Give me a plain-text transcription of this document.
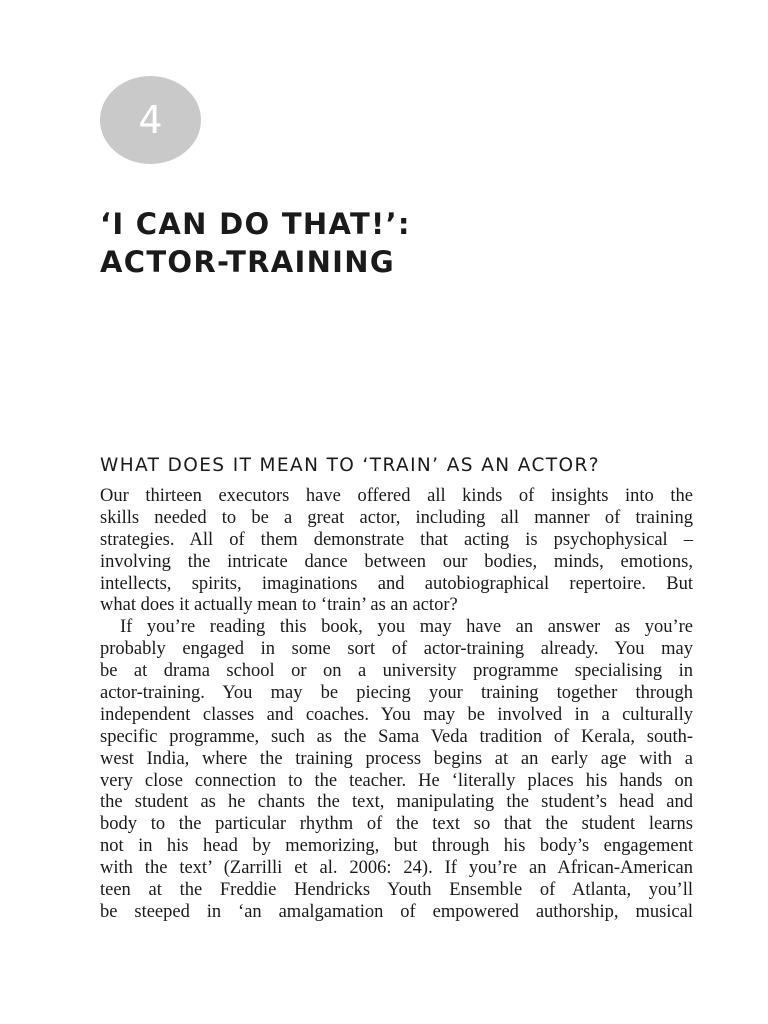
4
‘I CAN DO THAT!’:
ACTOR-TRAINING
WHAT DOES IT MEAN TO ‘TRAIN’ AS AN ACTOR?
Our thirteen executors have offered all kinds of insights into the
skills needed to be a great actor, including all manner of training
strategies. All of them demonstrate that acting is psychophysical –
involving the intricate dance between our bodies, minds, emotions,
intellects, spirits, imaginations and autobiographical repertoire. But
what does it actually mean to ‘train’ as an actor?
If you’re reading this book, you may have an answer as you’re
probably engaged in some sort of actor-training already. You may
be at drama school or on a university programme specialising in
actor-training. You may be piecing your training together through
independent classes and coaches. You may be involved in a culturally
specific programme, such as the Sama Veda tradition of Kerala, south-
west India, where the training process begins at an early age with a
very close connection to the teacher. He ‘literally places his hands on
the student as he chants the text, manipulating the student’s head and
body to the particular rhythm of the text so that the student learns
not in his head by memorizing, but through his body’s engagement
with the text’ (Zarrilli et al. 2006: 24). If you’re an African-American
teen at the Freddie Hendricks Youth Ensemble of Atlanta, you’ll
be steeped in ‘an amalgamation of empowered authorship, musical
